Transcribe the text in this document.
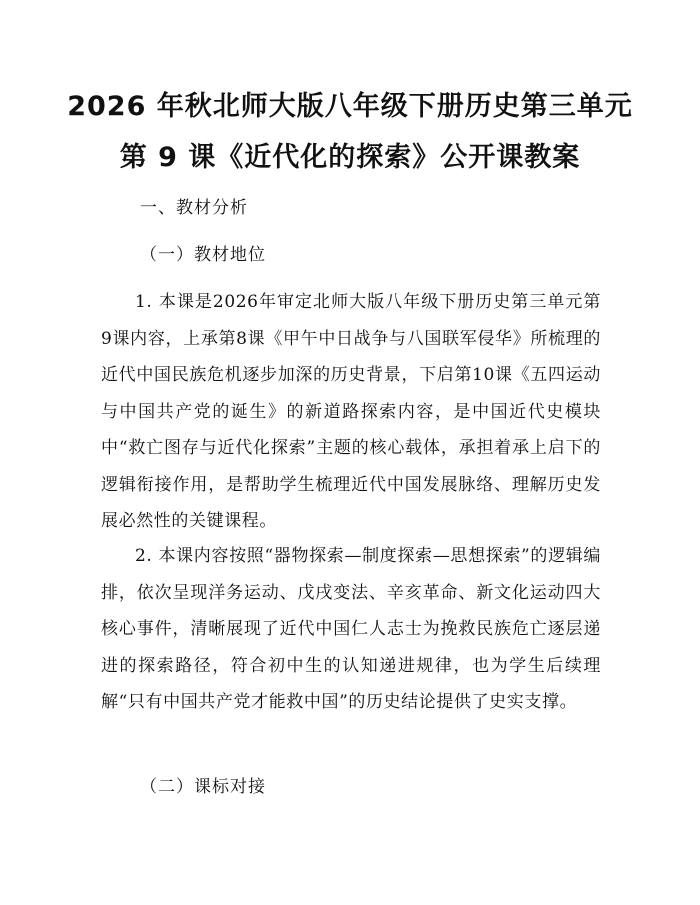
2026 年秋北师大版八年级下册历史第三单元
第 9 课《近代化的探索》公开课教案
一、教材分析
（一）教材地位
1. 本课是2026年审定北师大版八年级下册历史第三单元第9课内容，上承第8课《甲午中日战争与八国联军侵华》所梳理的近代中国民族危机逐步加深的历史背景，下启第10课《五四运动与中国共产党的诞生》的新道路探索内容，是中国近代史模块中“救亡图存与近代化探索”主题的核心载体，承担着承上启下的逻辑衔接作用，是帮助学生梳理近代中国发展脉络、理解历史发展必然性的关键课程。
2. 本课内容按照“器物探索—制度探索—思想探索”的逻辑编排，依次呈现洋务运动、戊戌变法、辛亥革命、新文化运动四大核心事件，清晰展现了近代中国仁人志士为挽救民族危亡逐层递进的探索路径，符合初中生的认知递进规律，也为学生后续理解“只有中国共产党才能救中国”的历史结论提供了史实支撑。
（二）课标对接
